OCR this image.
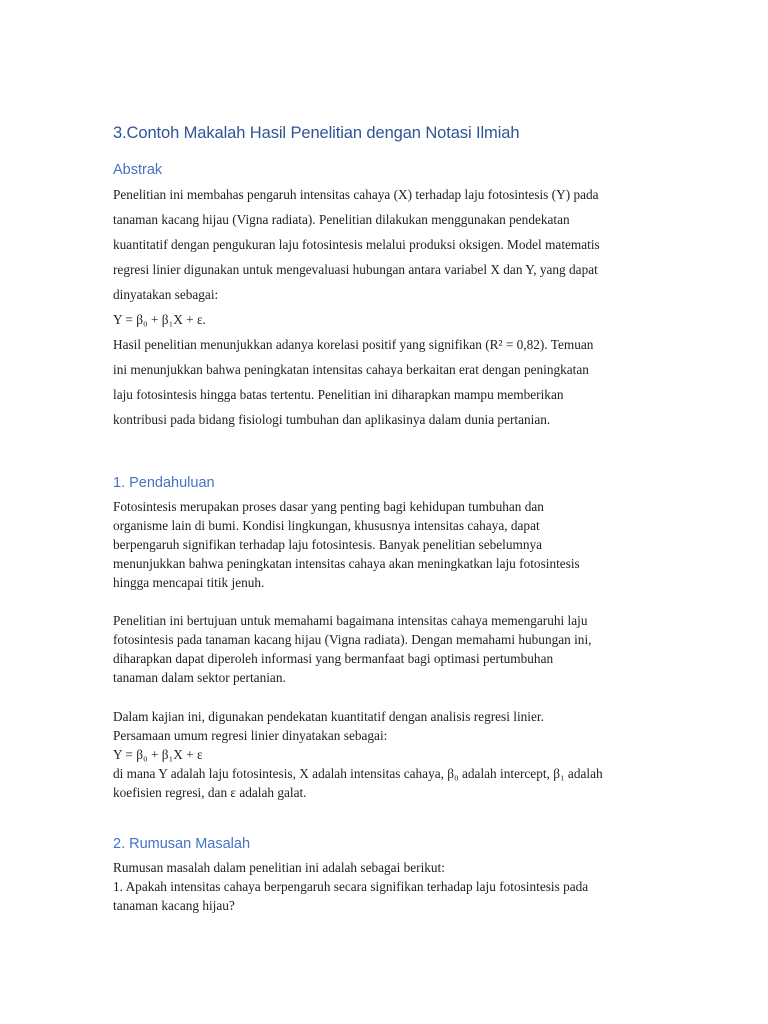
3.Contoh Makalah Hasil Penelitian dengan Notasi Ilmiah
Abstrak

Penelitian ini membahas pengaruh intensitas cahaya (X) terhadap laju fotosintesis (Y) pada

tanaman kacang hijau (Vigna radiata). Penelitian dilakukan menggunakan pendekatan

kuantitatif dengan pengukuran laju fotosintesis melalui produksi oksigen. Model matematis

regresi linier digunakan untuk mengevaluasi hubungan antara variabel X dan Y, yang dapat

dinyatakan sebagai:

Y = β₀ + β₁X + ε.

Hasil penelitian menunjukkan adanya korelasi positif yang signifikan (R² = 0,82). Temuan

ini menunjukkan bahwa peningkatan intensitas cahaya berkaitan erat dengan peningkatan

laju fotosintesis hingga batas tertentu. Penelitian ini diharapkan mampu memberikan

kontribusi pada bidang fisiologi tumbuhan dan aplikasinya dalam dunia pertanian.

1. Pendahuluan

Fotosintesis merupakan proses dasar yang penting bagi kehidupan tumbuhan dan

organisme lain di bumi. Kondisi lingkungan, khususnya intensitas cahaya, dapat

berpengaruh signifikan terhadap laju fotosintesis. Banyak penelitian sebelumnya

menunjukkan bahwa peningkatan intensitas cahaya akan meningkatkan laju fotosintesis

hingga mencapai titik jenuh.

Penelitian ini bertujuan untuk memahami bagaimana intensitas cahaya memengaruhi laju

fotosintesis pada tanaman kacang hijau (Vigna radiata). Dengan memahami hubungan ini,

diharapkan dapat diperoleh informasi yang bermanfaat bagi optimasi pertumbuhan

tanaman dalam sektor pertanian.

Dalam kajian ini, digunakan pendekatan kuantitatif dengan analisis regresi linier.

Persamaan umum regresi linier dinyatakan sebagai:

Y = β₀ + β₁X + ε

di mana Y adalah laju fotosintesis, X adalah intensitas cahaya, β₀ adalah intercept, β₁ adalah

koefisien regresi, dan ε adalah galat.

2. Rumusan Masalah

Rumusan masalah dalam penelitian ini adalah sebagai berikut:

1. Apakah intensitas cahaya berpengaruh secara signifikan terhadap laju fotosintesis pada

tanaman kacang hijau?
